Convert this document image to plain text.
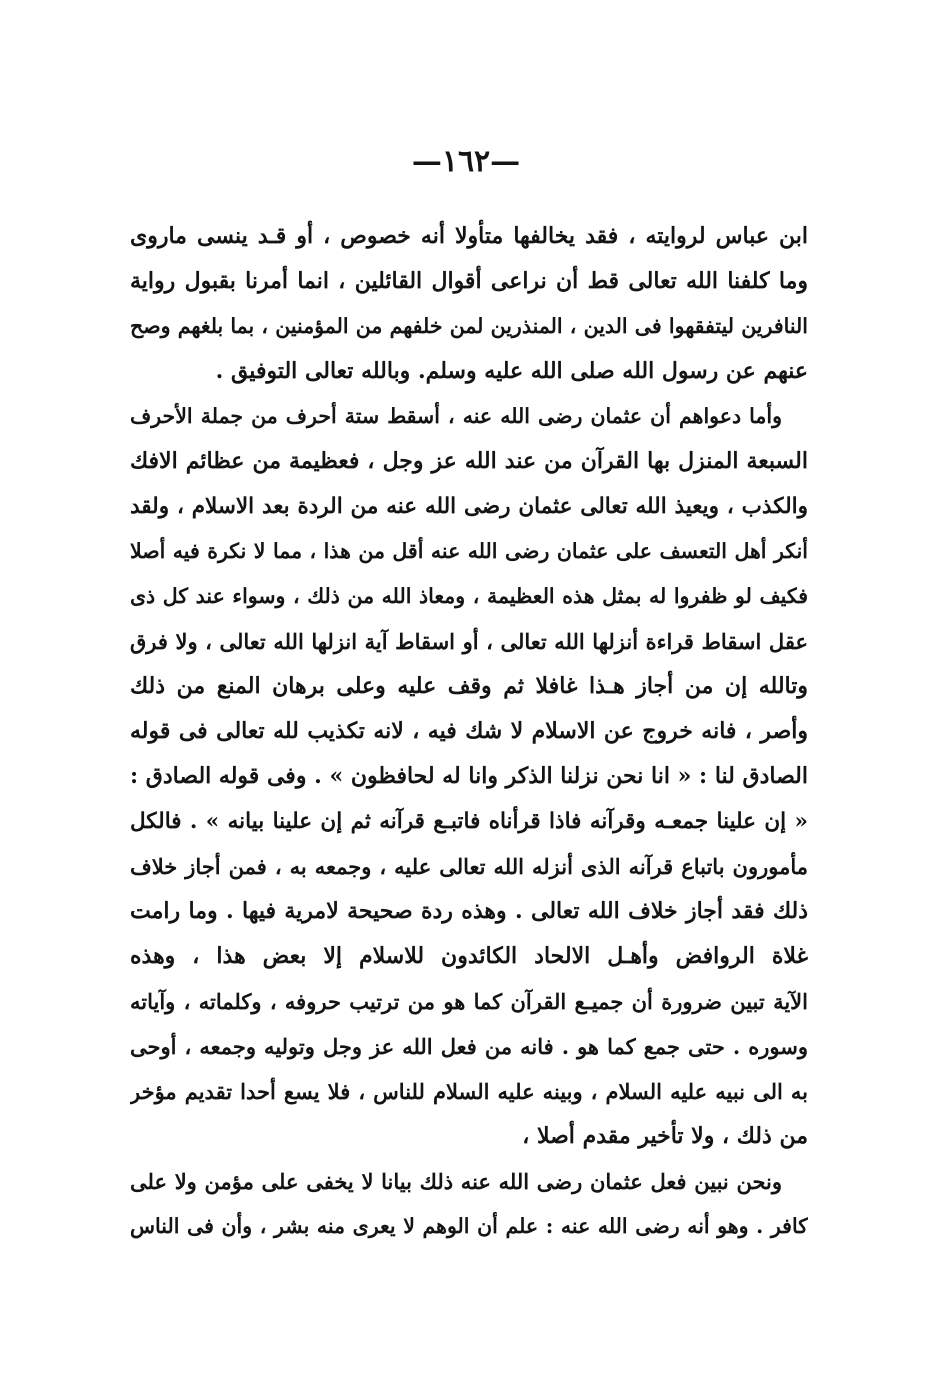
—١٦٢—
ابن عباس لروايته ، فقد يخالفها متأولا أنه خصوص ، أو قـد ينسى ماروى
وما كلفنا الله تعالى قط أن نراعى أقوال القائلين ، انما أمرنا بقبول رواية
النافرين ليتفقهوا فى الدين ، المنذرين لمن خلفهم من المؤمنين ، بما بلغهم وصح
عنهم عن رسول الله صلى الله عليه وسلم. وبالله تعالى التوفيق .
وأما دعواهم أن عثمان رضى الله عنه ، أسقط ستة أحرف من جملة الأحرف
السبعة المنزل بها القرآن من عند الله عز وجل ، فعظيمة من عظائم الافك
والكذب ، ويعيذ الله تعالى عثمان رضى الله عنه من الردة بعد الاسلام ، ولقد
أنكر أهل التعسف على عثمان رضى الله عنه أقل من هذا ، مما لا نكرة فيه أصلا
فكيف لو ظفروا له بمثل هذه العظيمة ، ومعاذ الله من ذلك ، وسواء عند كل ذى
عقل اسقاط قراءة أنزلها الله تعالى ، أو اسقاط آية انزلها الله تعالى ، ولا فرق
وتالله إن من أجاز هـذا غافلا ثم وقف عليه وعلى برهان المنع من ذلك
وأصر ، فانه خروج عن الاسلام لا شك فيه ، لانه تكذيب لله تعالى فى قوله
الصادق لنا : « انا نحن نزلنا الذكر وانا له لحافظون » . وفى قوله الصادق :
« إن علينا جمعـه وقرآنه فاذا قرأناه فاتبـع قرآنه ثم إن علينا بيانه » . فالكل
مأمورون باتباع قرآنه الذى أنزله الله تعالى عليه ، وجمعه به ، فمن أجاز خلاف
ذلك فقد أجاز خلاف الله تعالى . وهذه ردة صحيحة لامرية فيها . وما رامت
غلاة الروافض وأهـل الالحاد الكائدون للاسلام إلا بعض هذا ، وهذه
الآية تبين ضرورة أن جميـع القرآن كما هو من ترتيب حروفه ، وكلماته ، وآياته
وسوره . حتى جمع كما هو . فانه من فعل الله عز وجل وتوليه وجمعه ، أوحى
به الى نبيه عليه السلام ، وبينه عليه السلام للناس ، فلا يسع أحدا تقديم مؤخر
من ذلك ، ولا تأخير مقدم أصلا ،
ونحن نبين فعل عثمان رضى الله عنه ذلك بيانا لا يخفى على مؤمن ولا على
كافر . وهو أنه رضى الله عنه : علم أن الوهم لا يعرى منه بشر ، وأن فى الناس
